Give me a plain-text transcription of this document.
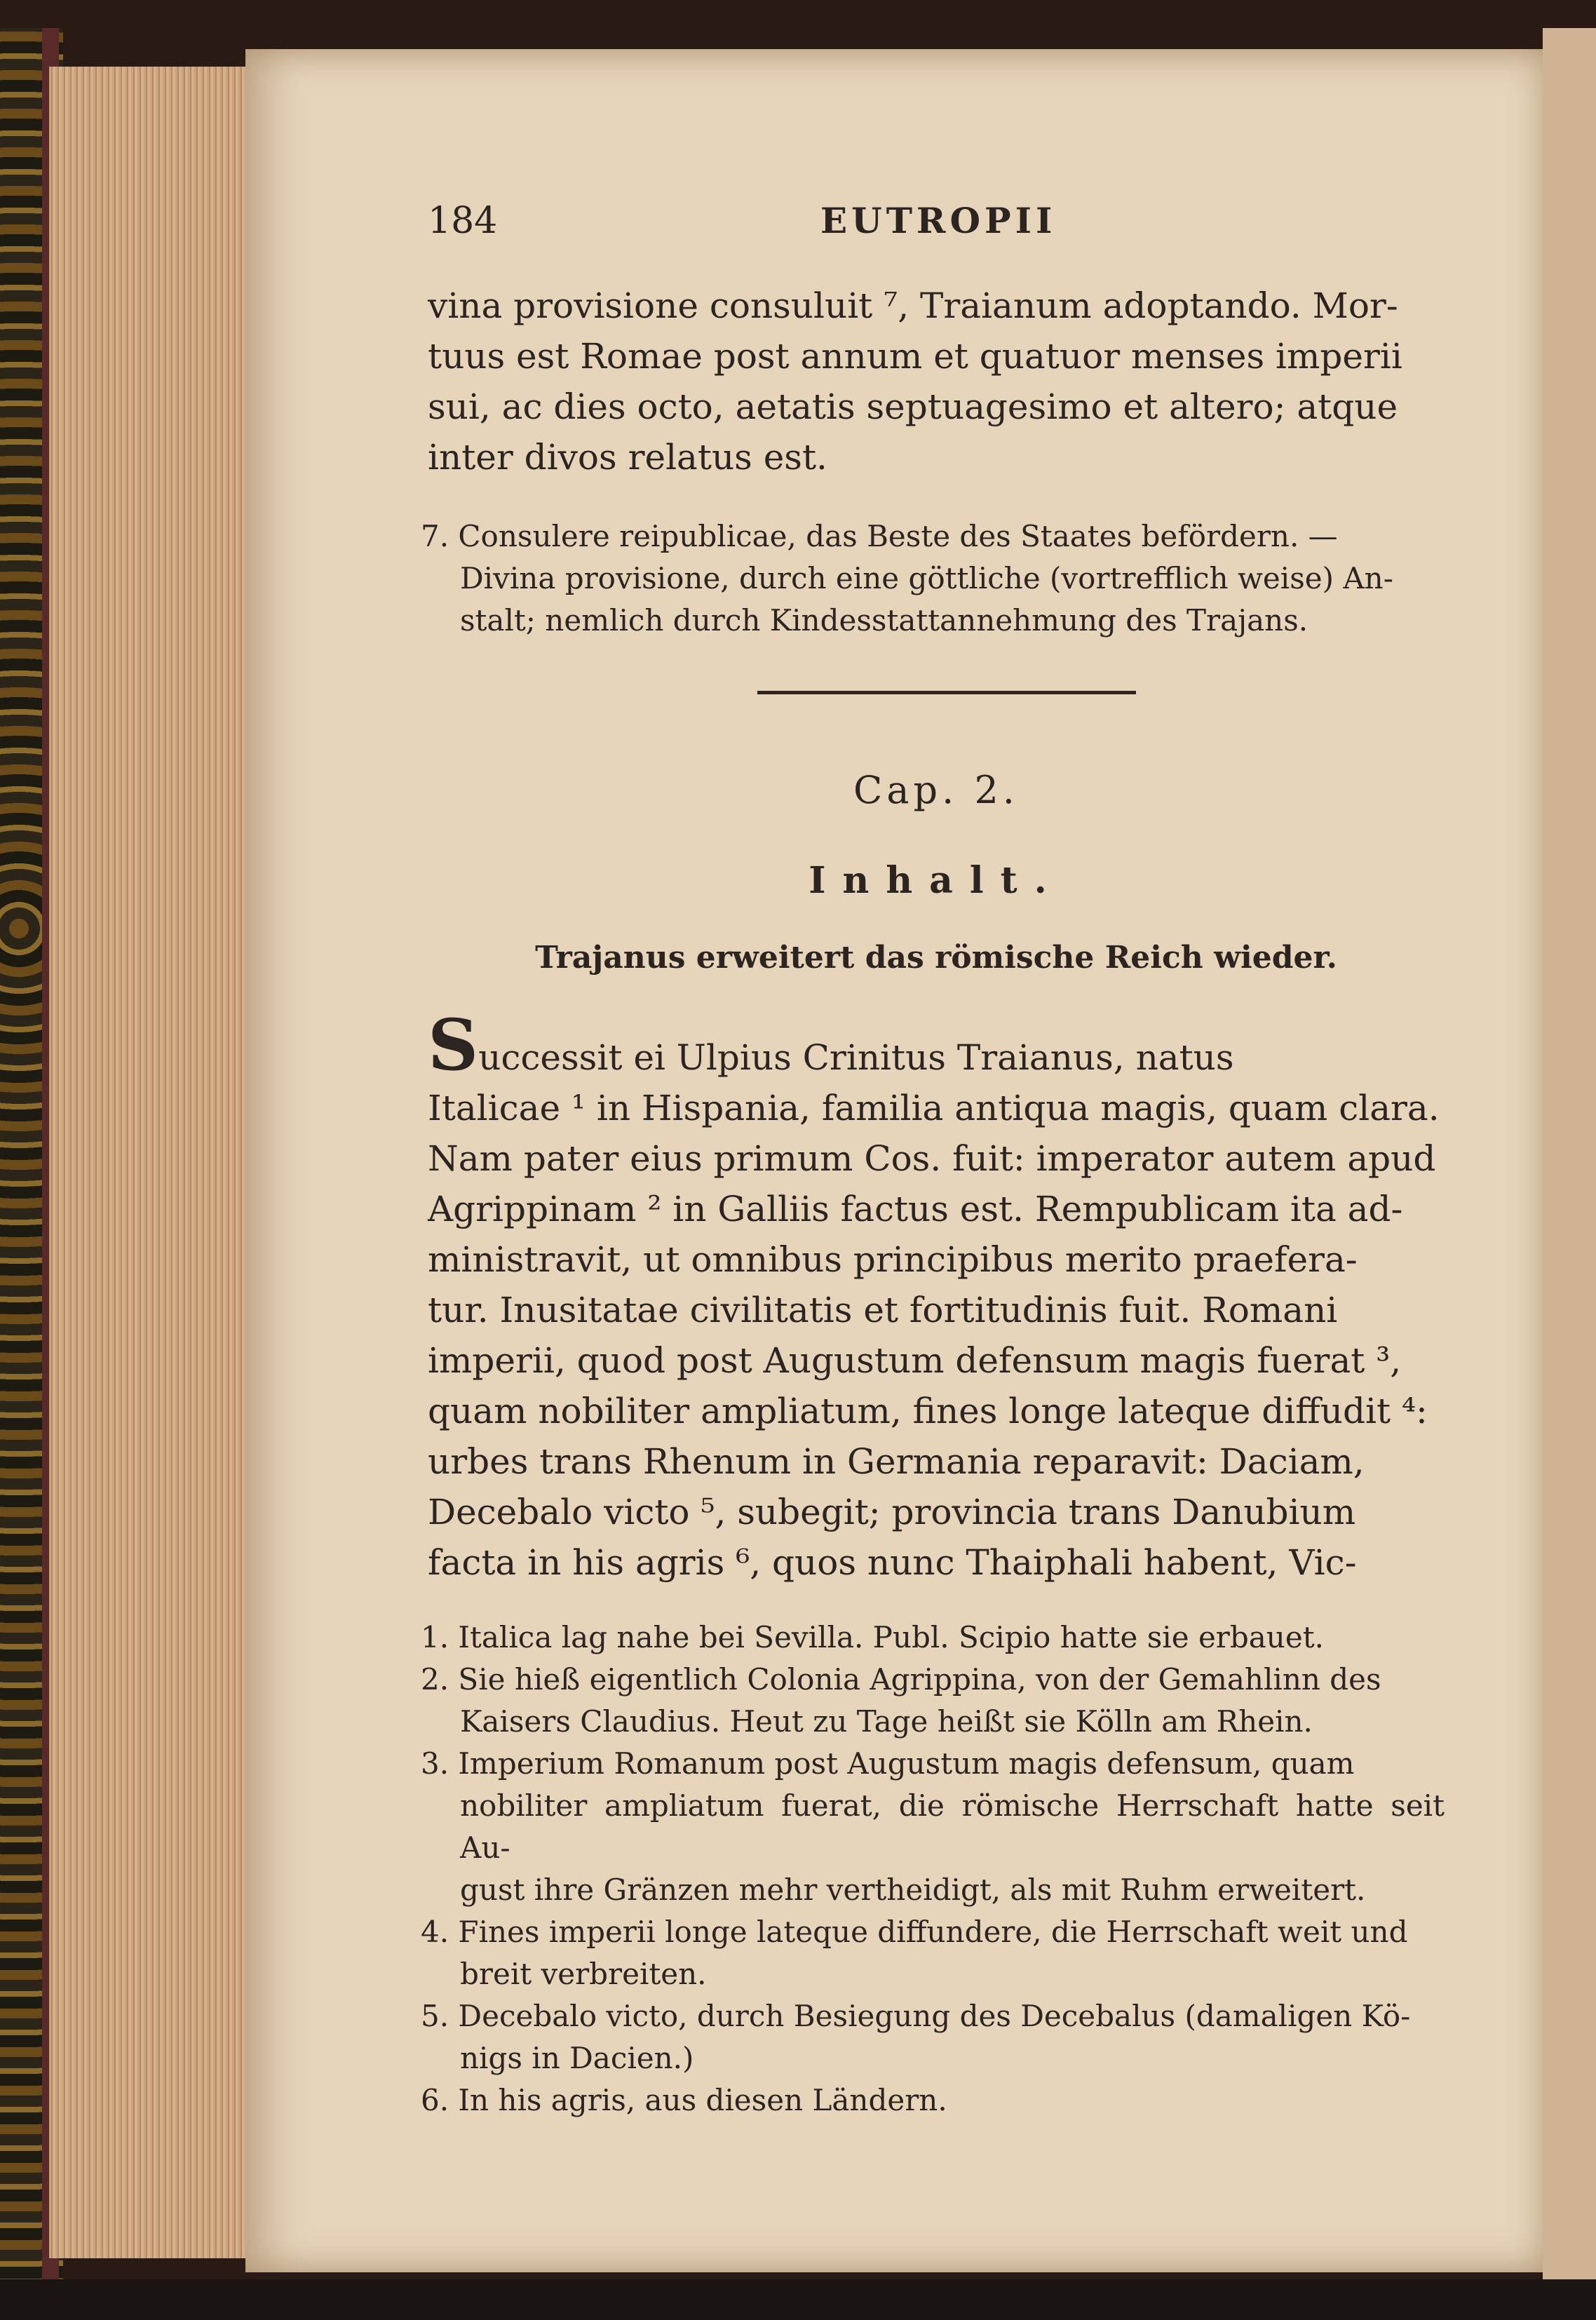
184	EUTROPII
vina provisione consuluit ⁷, Traianum adoptando. Mor-
tuus est Romae post annum et quatuor menses imperii
sui, ac dies octo, aetatis septuagesimo et altero; atque
inter divos relatus est.
7. Consulere reipublicae, das Beste des Staates befördern. —
Divina provisione, durch eine göttliche (vortrefflich weise) An-
stalt; nemlich durch Kindesstattannehmung des Trajans.
Cap. 2.
Inhalt.
Trajanus erweitert das römische Reich wieder.
Successit ei Ulpius Crinitus Traianus, natus
Italicae ¹ in Hispania, familia antiqua magis, quam clara.
Nam pater eius primum Cos. fuit: imperator autem apud
Agrippinam ² in Galliis factus est. Rempublicam ita ad-
ministravit, ut omnibus principibus merito praefera-
tur. Inusitatae civilitatis et fortitudinis fuit. Romani
imperii, quod post Augustum defensum magis fuerat ³,
quam nobiliter ampliatum, fines longe lateque diffudit ⁴:
urbes trans Rhenum in Germania reparavit: Daciam,
Decebalo victo ⁵, subegit; provincia trans Danubium
facta in his agris ⁶, quos nunc Thaiphali habent, Vic-
1. Italica lag nahe bei Sevilla. Publ. Scipio hatte sie erbauet.
2. Sie hieß eigentlich Colonia Agrippina, von der Gemahlinn des
Kaisers Claudius. Heut zu Tage heißt sie Kölln am Rhein.
3. Imperium Romanum post Augustum magis defensum, quam
nobiliter ampliatum fuerat, die römische Herrschaft hatte seit Au-
gust ihre Gränzen mehr vertheidigt, als mit Ruhm erweitert.
4. Fines imperii longe lateque diffundere, die Herrschaft weit und
breit verbreiten.
5. Decebalo victo, durch Besiegung des Decebalus (damaligen Kö-
nigs in Dacien.)
6. In his agris, aus diesen Ländern.
